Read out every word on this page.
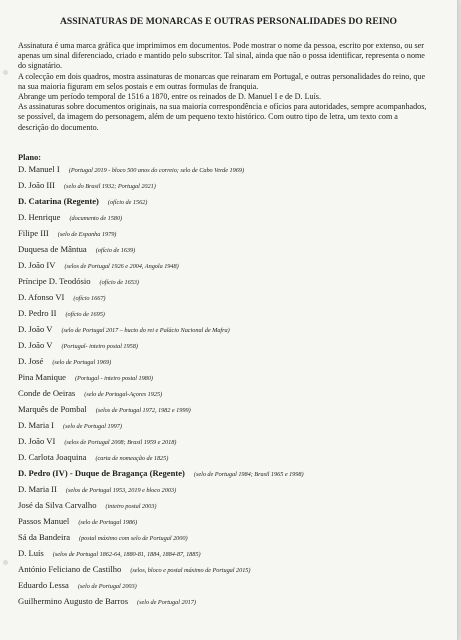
ASSINATURAS DE MONARCAS E OUTRAS PERSONALIDADES DO REINO

Assinatura é uma marca gráfica que imprimimos em documentos. Pode mostrar o nome da pessoa, escrito por extenso, ou ser apenas um sinal diferenciado, criado e mantido pelo subscritor. Tal sinal, ainda que não o possa identificar, representa o nome do signatário.

A colecção em dois quadros, mostra assinaturas de monarcas que reinaram em Portugal, e outras personalidades do reino, que na sua maioria figuram em selos postais e em outras formulas de franquia.

Abrange um período temporal de 1516 a 1870, entre os reinados de D. Manuel I e de D. Luís.

As assinaturas sobre documentos originais, na sua maioria correspondência e ofícios para autoridades, sempre acompanhados, se possível, da imagem do personagem, além de um pequeno texto histórico. Com outro tipo de letra, um texto com a descrição do documento.

Plano:
D. Manuel I (Portugal 2019 - bloco 500 anos do correio; selo de Cabo Verde 1969)
D. João III (selo do Brasil 1932; Portugal 2021)
D. Catarina (Regente) (ofício de 1562)
D. Henrique (documento de 1580)
Filipe III (selo de Espanha 1979)
Duquesa de Mântua (ofício de 1639)
D. João IV (selos de Portugal 1926 e 2004, Angola 1948)
Príncipe D. Teodósio (ofício de 1653)
D. Afonso VI (ofício 1667)
D. Pedro II (ofício de 1695)
D. João V (selo de Portugal 2017 – bucto do rei e Palácio Nacional de Mafra)
D. João V (Portugal- inteiro postal 1958)
D. José (selo de Portugal 1969)
Pina Manique (Portugal - inteiro postal 1980)
Conde de Oeiras (selo de Portugal-Açores 1925)
Marquês de Pombal (selos de Portugal 1972, 1982 e 1999)
D. Maria I (selo de Portugal 1997)
D. João VI (selos de Portugal 2008; Brasil 1959 e 2018)
D. Carlota Joaquina (carta de nomeação de 1825)
D. Pedro (IV) - Duque de Bragança (Regente) (selo de Portugal 1984; Brasil 1965 e 1998)
D. Maria II (selos de Portugal 1953, 2019 e bloco 2003)
José da Silva Carvalho (inteiro postal 2003)
Passos Manuel (selo de Portugal 1986)
Sá da Bandeira (postal máximo com selo de Portugal 2000)
D. Luís (selos de Portugal 1862-64, 1880-81, 1884, 1884-87, 1885)
António Feliciano de Castilho (selos, bloco e postal máximo de Portugal 2015)
Eduardo Lessa (selo de Portugal 2003)
Guilhermino Augusto de Barros (selo de Portugal 2017)
